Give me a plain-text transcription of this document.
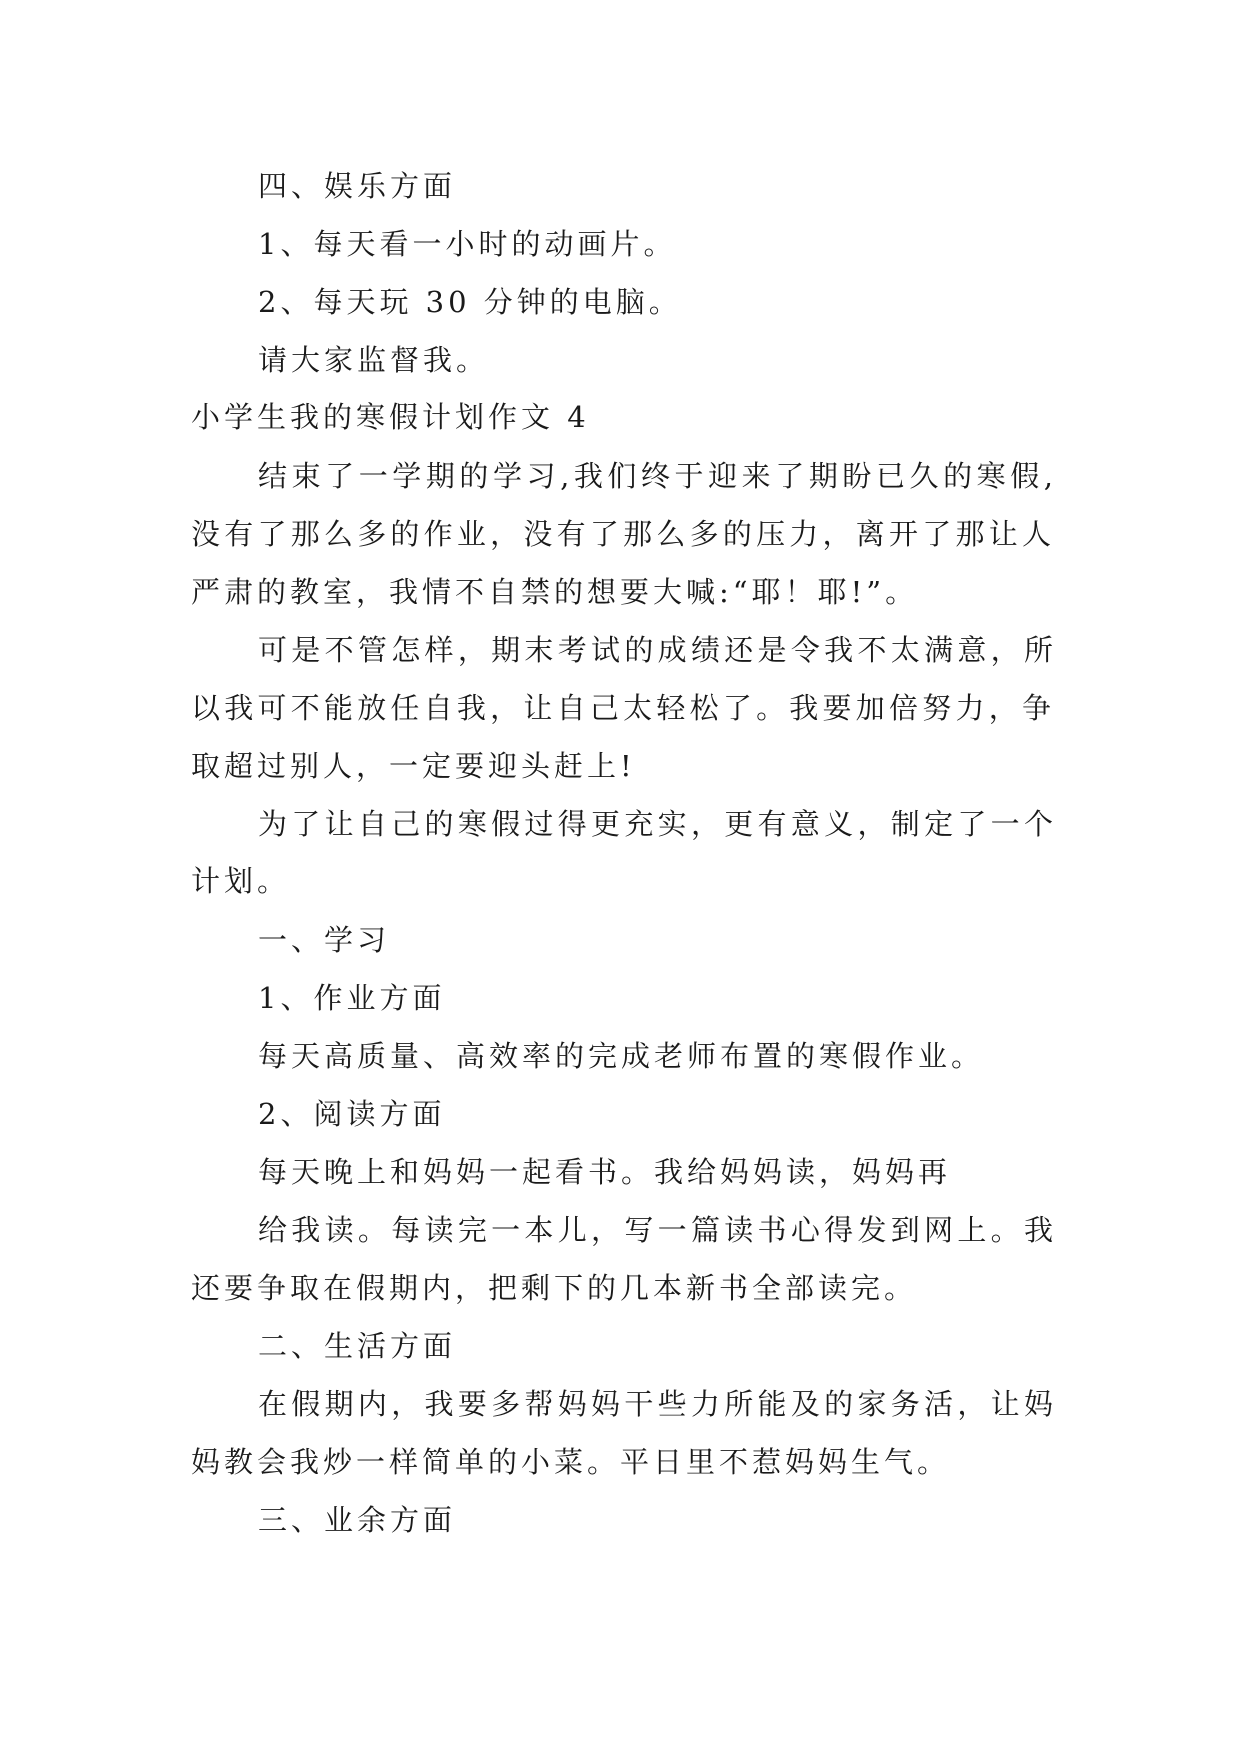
四、娱乐方面
1、每天看一小时的动画片。
2、每天玩 30 分钟的电脑。
请大家监督我。
小学生我的寒假计划作文 4
结束了一学期的学习,我们终于迎来了期盼已久的寒假,
没有了那么多的作业，没有了那么多的压力，离开了那让人
严肃的教室，我情不自禁的想要大喊:“耶！耶!”。
可是不管怎样，期末考试的成绩还是令我不太满意，所
以我可不能放任自我，让自己太轻松了。我要加倍努力，争
取超过别人，一定要迎头赶上!
为了让自己的寒假过得更充实，更有意义，制定了一个
计划。
一、学习
1、作业方面
每天高质量、高效率的完成老师布置的寒假作业。
2、阅读方面
每天晚上和妈妈一起看书。我给妈妈读，妈妈再
给我读。每读完一本儿，写一篇读书心得发到网上。我
还要争取在假期内，把剩下的几本新书全部读完。
二、生活方面
在假期内，我要多帮妈妈干些力所能及的家务活，让妈
妈教会我炒一样简单的小菜。平日里不惹妈妈生气。
三、业余方面
